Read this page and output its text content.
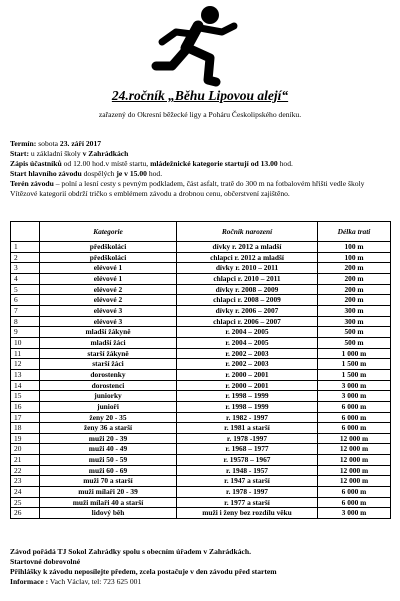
24.ročník „Běhu Lipovou alejí“
zařazený do Okresní běžecké ligy a Poháru Českolipského deníku.

Termín: sobota 23. září 2017

Start: u základní školy v Zahrádkách

Zápis účastníků od 12.00 hod.v místě startu, mládežnické kategorie startují od 13.00 hod.

Start hlavního závodu dospělých je v 15.00 hod.

Terén závodu – polní a lesní cesty s pevným podkladem, část asfalt, tratě do 300 m na fotbalovém hřišti vedle školy

Vítězové kategorií obdrží tričko s emblémem závodu a drobnou cenu, občerstvení zajištěno.

	Kategorie	Ročník narození	Délka trati
1	předškoláci	dívky r. 2012 a mladší	100 m
2	předškoláci	chlapci r. 2012 a mladší	100 m
3	elévové 1	dívky r. 2010 – 2011	200 m
4	elévové 1	chlapci r. 2010 – 2011	200 m
5	elévové 2	dívky r. 2008 – 2009	200 m
6	elévové 2	chlapci r. 2008 – 2009	200 m
7	elévové 3	dívky r. 2006 – 2007	300 m
8	elévové 3	chlapci r. 2006 – 2007	300 m
9	mladší žákyně	r. 2004 – 2005	500 m
10	mladší žáci	r. 2004 – 2005	500 m
11	starší žákyně	r. 2002 – 2003	1 000 m
12	starší žáci	r. 2002 – 2003	1 500 m
13	dorostenky	r. 2000 – 2001	1 500 m
14	dorostenci	r. 2000 – 2001	3 000 m
15	juniorky	r. 1998 – 1999	3 000 m
16	junioři	r. 1998 – 1999	6 000 m
17	ženy 20 - 35	r. 1982 - 1997	6 000 m
18	ženy 36 a starší	r. 1981 a starší	6 000 m
19	muži 20 - 39	r. 1978 -1997	12 000 m
20	muži 40 - 49	r. 1968 – 1977	12 000 m
21	muži 50 - 59	r. 19578 – 1967	12 000 m
22	muži 60 - 69	r. 1948 - 1957	12 000 m
23	muži 70 a starší	r. 1947 a starší	12 000 m
24	muži mílaři 20 - 39	r. 1978 - 1997	6 000 m
25	muži mílaři 40 a starší	r. 1977 a starší	6 000 m
26	lidový běh	muži i ženy bez rozdílu věku	3 000 m

Závod pořádá TJ Sokol Zahrádky spolu s obecním úřadem v Zahrádkách.

Startovné dobrovolné

Přihlášky k závodu neposílejte předem, zcela postačuje v den závodu před startem

Informace : Vach Václav, tel: 723 625 001
